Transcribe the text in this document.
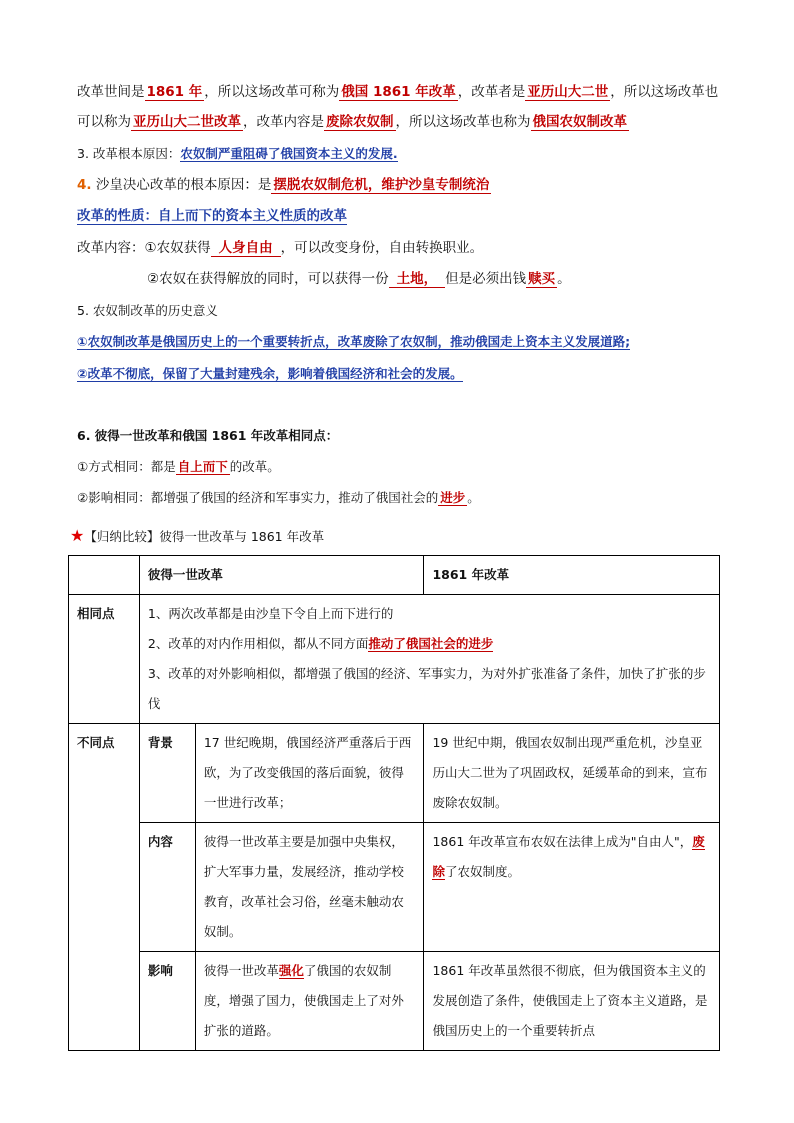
改革世间是 1861 年 ，所以这场改革可称为 俄国 1861 年改革 ，改革者是 亚历山大二世 ，所以这场改革也
可以称为 亚历山大二世改革 ，改革内容是 废除农奴制 ，所以这场改革也称为 俄国农奴制改革
3. 改革根本原因：农奴制严重阻碍了俄国资本主义的发展.
4. 沙皇决心改革的根本原因：是 摆脱农奴制危机，维护沙皇专制统治
改革的性质：自上而下的资本主义性质的改革
改革内容：①农奴获得 人身自由 ，可以改变身份，自由转换职业。
②农奴在获得解放的同时，可以获得一份 土地， 但是必须出钱 赎买 。
5. 农奴制改革的历史意义
①农奴制改革是俄国历史上的一个重要转折点，改革废除了农奴制，推动俄国走上资本主义发展道路;
②改革不彻底，保留了大量封建残余，影响着俄国经济和社会的发展。
6. 彼得一世改革和俄国 1861 年改革相同点：
①方式相同：都是 自上而下 的改革。
②影响相同：都增强了俄国的经济和军事实力，推动了俄国社会的 进步 。
★【归纳比较】彼得一世改革与 1861 年改革
	彼得一世改革		1861 年改革
相同点	1、两次改革都是由沙皇下令自上而下进行的
2、改革的对内作用相似，都从不同方面推动了俄国社会的进步
3、改革的对外影响相似，都增强了俄国的经济、军事实力，为对外扩张准备了条件，加快了扩张的步伐		

不同点	背景	17 世纪晚期，俄国经济严重落后于西欧，为了改变俄国的落后面貌，彼得一世进行改革；	19 世纪中期，俄国农奴制出现严重危机，沙皇亚历山大二世为了巩固政权，延缓革命的到来，宣布废除农奴制。
	内容	彼得一世改革主要是加强中央集权，扩大军事力量，发展经济，推动学校教育，改革社会习俗，丝毫未触动农奴制。	1861 年改革宣布农奴在法律上成为"自由人"，废除了农奴制度。
	影响	彼得一世改革强化了俄国的农奴制度，增强了国力，使俄国走上了对外扩张的道路。	1861 年改革虽然很不彻底，但为俄国资本主义的发展创造了条件，使俄国走上了资本主义道路，是俄国历史上的一个重要转折点
